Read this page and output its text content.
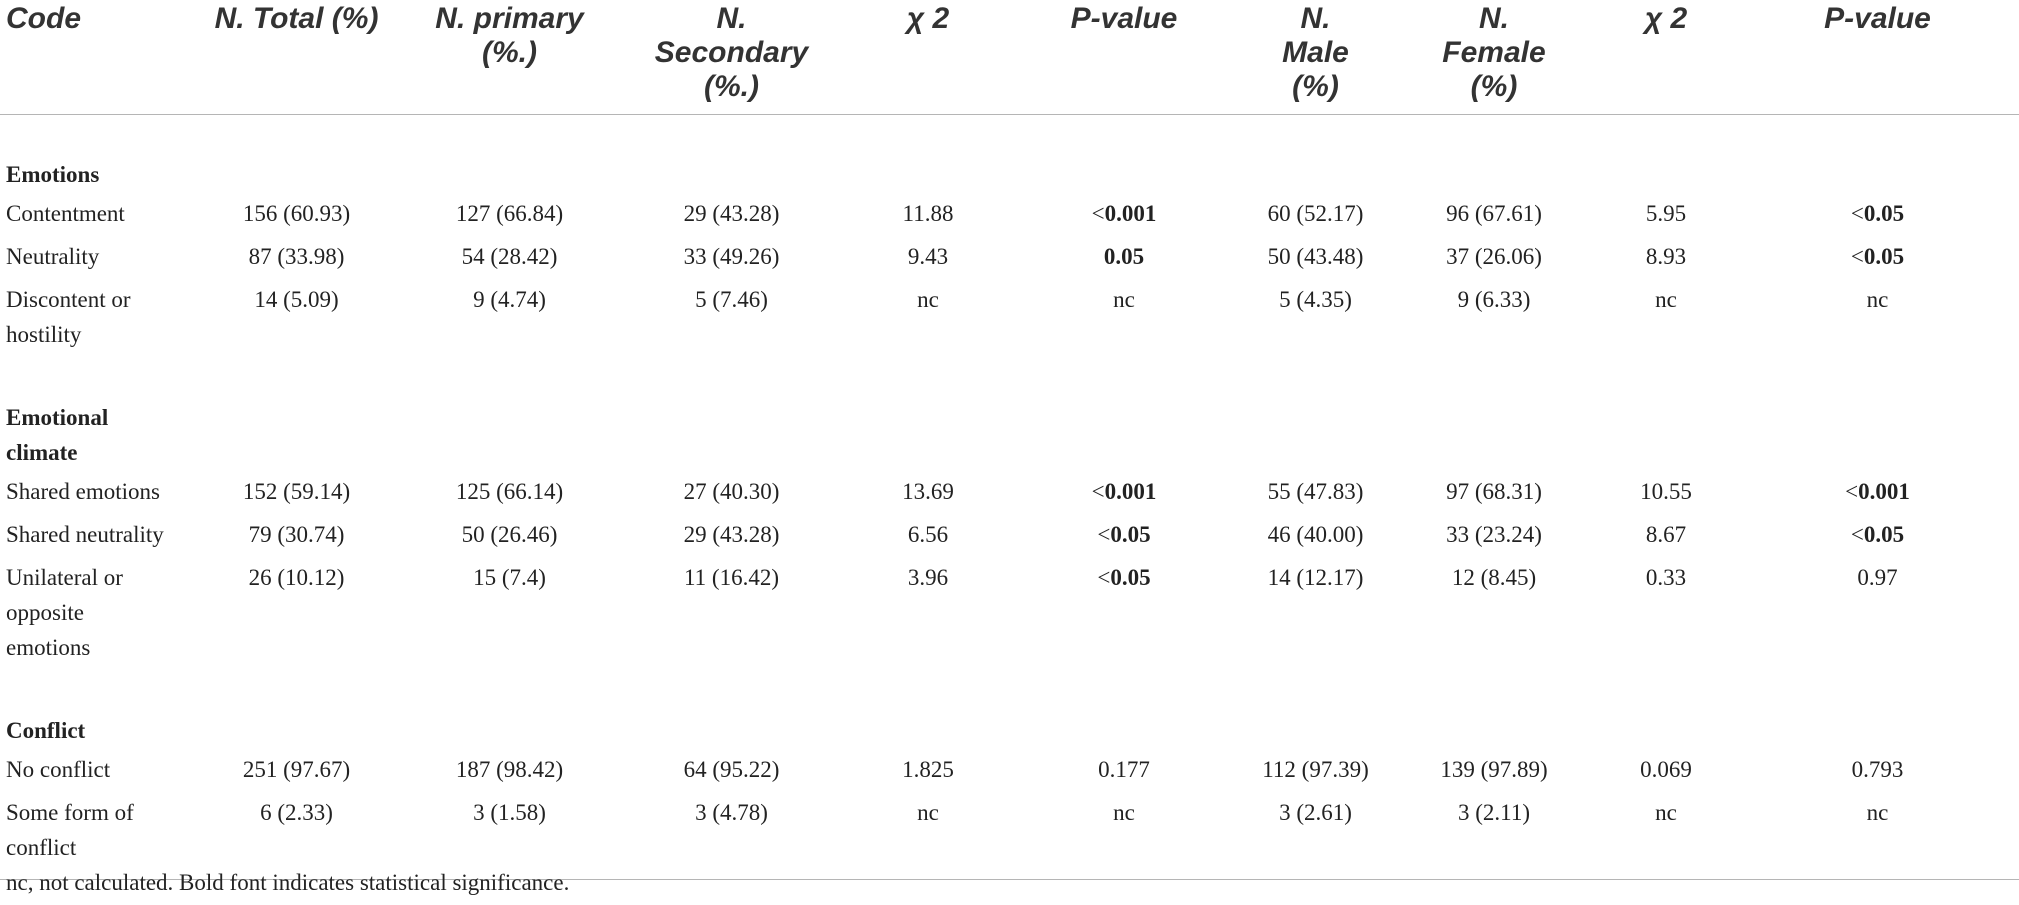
Code	N. Total (%)	N. primary (%.)	N. Secondary (%.)	χ 2	P-value	N. Male (%)	N. Female (%)	χ 2	P-value

Emotions									

Contentment	156 (60.93)	127 (66.84)	29 (43.28)	11.88	<0.001	60 (52.17)	96 (67.61)	5.95	<0.05
Neutrality	87 (33.98)	54 (28.42)	33 (49.26)	9.43	0.05	50 (43.48)	37 (26.06)	8.93	<0.05
Discontent or hostility	14 (5.09)	9 (4.74)	5 (7.46)	nc	nc	5 (4.35)	9 (6.33)	nc	nc

Emotional climate									

Shared emotions	152 (59.14)	125 (66.14)	27 (40.30)	13.69	<0.001	55 (47.83)	97 (68.31)	10.55	<0.001
Shared neutrality	79 (30.74)	50 (26.46)	29 (43.28)	6.56	<0.05	46 (40.00)	33 (23.24)	8.67	<0.05
Unilateral or opposite emotions	26 (10.12)	15 (7.4)	11 (16.42)	3.96	<0.05	14 (12.17)	12 (8.45)	0.33	0.97

Conflict									

No conflict	251 (97.67)	187 (98.42)	64 (95.22)	1.825	0.177	112 (97.39)	139 (97.89)	0.069	0.793
Some form of conflict	6 (2.33)	3 (1.58)	3 (4.78)	nc	nc	3 (2.61)	3 (2.11)	nc	nc
nc, not calculated. Bold font indicates statistical significance.
